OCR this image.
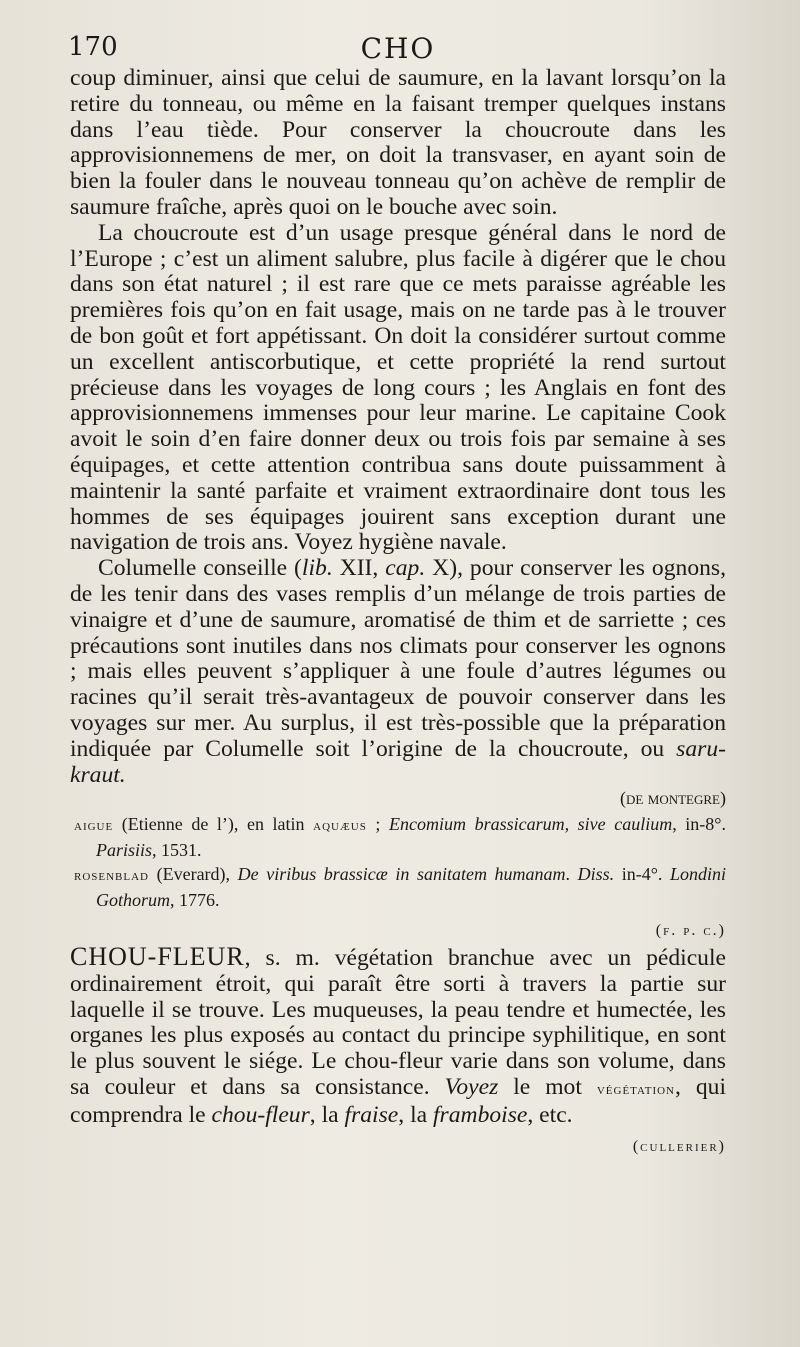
170	CHO

coup diminuer, ainsi que celui de saumure, en la lavant lorsqu’on la retire du tonneau, ou même en la faisant tremper quelques instans dans l’eau tiède. Pour conserver la choucroute dans les approvisionnemens de mer, on doit la transvaser, en ayant soin de bien la fouler dans le nouveau tonneau qu’on achève de remplir de saumure fraîche, après quoi on le bouche avec soin.

La choucroute est d’un usage presque général dans le nord de l’Europe ; c’est un aliment salubre, plus facile à digérer que le chou dans son état naturel ; il est rare que ce mets paraisse agréable les premières fois qu’on en fait usage, mais on ne tarde pas à le trouver de bon goût et fort appétissant. On doit la considérer surtout comme un excellent antiscorbutique, et cette propriété la rend surtout précieuse dans les voyages de long cours ; les Anglais en font des approvisionnemens immenses pour leur marine. Le capitaine Cook avoit le soin d’en faire donner deux ou trois fois par semaine à ses équipages, et cette attention contribua sans doute puissamment à maintenir la santé parfaite et vraiment extraordinaire dont tous les hommes de ses équipages jouirent sans exception durant une navigation de trois ans. Voyez hygiène navale.

Columelle conseille (lib. XII, cap. X), pour conserver les ognons, de les tenir dans des vases remplis d’un mélange de trois parties de vinaigre et d’une de saumure, aromatisé de thim et de sarriette ; ces précautions sont inutiles dans nos climats pour conserver les ognons ; mais elles peuvent s’appliquer à une foule d’autres légumes ou racines qu’il serait très-avantageux de pouvoir conserver dans les voyages sur mer. Au surplus, il est très-possible que la préparation indiquée par Columelle soit l’origine de la choucroute, ou saru-kraut.

(de montegre)

aigue (Etienne de l’), en latin aquæus ; Encomium brassicarum, sive caulium, in-8°. Parisiis, 1531.

rosenblad (Everard), De viribus brassicæ in sanitatem humanam. Diss. in-4°. Londini Gothorum, 1776.

(f. p. c.)

CHOU-FLEUR, s. m. végétation branchue avec un pédicule ordinairement étroit, qui paraît être sorti à travers la partie sur laquelle il se trouve. Les muqueuses, la peau tendre et humectée, les organes les plus exposés au contact du principe syphilitique, en sont le plus souvent le siége. Le chou-fleur varie dans son volume, dans sa couleur et dans sa consistance. Voyez le mot végétation, qui comprendra le chou-fleur, la fraise, la framboise, etc.

(cullerier)
